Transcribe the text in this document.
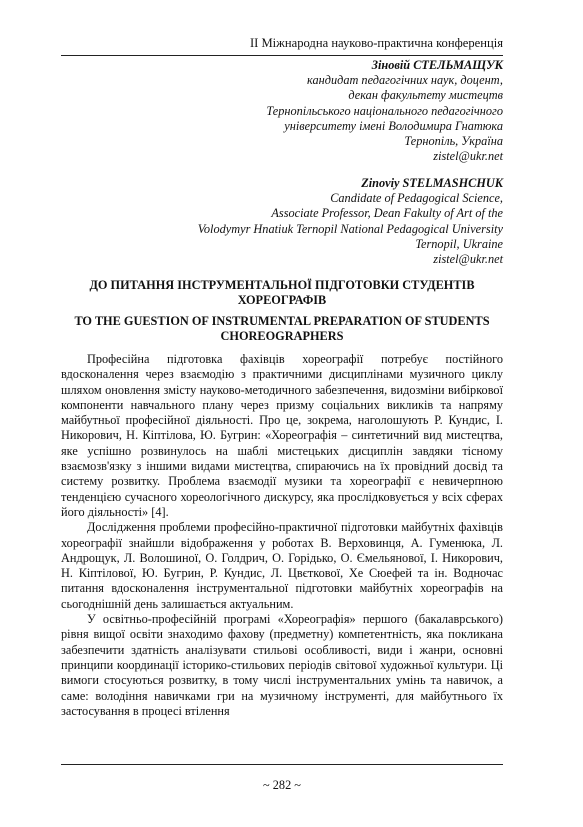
II Міжнародна науково-практична конференція
Зіновій СТЕЛЬМАЩУК
кандидат педагогічних наук, доцент,
декан факультету мистецтв
Тернопільського національного педагогічного
університету імені Володимира Гнатюка
Тернопіль, Україна
zistel@ukr.net
Zinoviy STELMASHCHUK
Candidate of Pedagogical Science,
Associate Professor, Dean Fakulty of Art of the
Volodymyr Hnatiuk Ternopil National Pedagogical University
Ternopil, Ukraine
zistel@ukr.net
ДО ПИТАННЯ ІНСТРУМЕНТАЛЬНОЇ ПІДГОТОВКИ СТУДЕНТІВ ХОРЕОГРАФІВ
TO THE GUESTION OF INSTRUMENTAL PREPARATION OF STUDENTS CHOREOGRAPHERS

Професійна підготовка фахівців хореографії потребує постійного вдосконалення через взаємодію з практичними дисциплінами музичного циклу шляхом оновлення змісту науково-методичного забезпечення, видозміни вибіркової компоненти навчального плану через призму соціальних викликів та напряму майбутньої професійної діяльності. Про це, зокрема, наголошують Р. Кундис, І. Никорович, Н. Кіптілова, Ю. Бугрин: «Хореографія – синтетичний вид мистецтва, яке успішно розвинулось на шаблі мистецьких дисциплін завдяки тісному взаємозв'язку з іншими видами мистецтва, спираючись на їх провідний досвід та систему розвитку. Проблема взаємодії музики та хореографії є невичерпною тенденцією сучасного хореологічного дискурсу, яка прослідковується у всіх сферах його діяльності» [4].

Дослідження проблеми професійно-практичної підготовки майбутніх фахівців хореографії знайшли відображення у роботах В. Верховинця, А. Гуменюка, Л. Андрощук, Л. Волошиної, О. Голдрич, О. Горідько, О. Ємельянової, І. Никорович, Н. Кіптілової, Ю. Бугрин, Р. Кундис, Л. Цвєткової, Хе Сюефей та ін. Водночас питання вдосконалення інструментальної підготовки майбутніх хореографів на сьогоднішній день залишається актуальним.

У освітньо-професійній програмі «Хореографія» першого (бакалаврського) рівня вищої освіти знаходимо фахову (предметну) компетентність, яка покликана забезпечити здатність аналізувати стильові особливості, види і жанри, основні принципи координації історико-стильових періодів світової художньої культури. Ці вимоги стосуються розвитку, в тому числі інструментальних умінь та навичок, а саме: володіння навичками гри на музичному інструменті, для майбутнього їх застосування в процесі втілення

~ 282 ~
